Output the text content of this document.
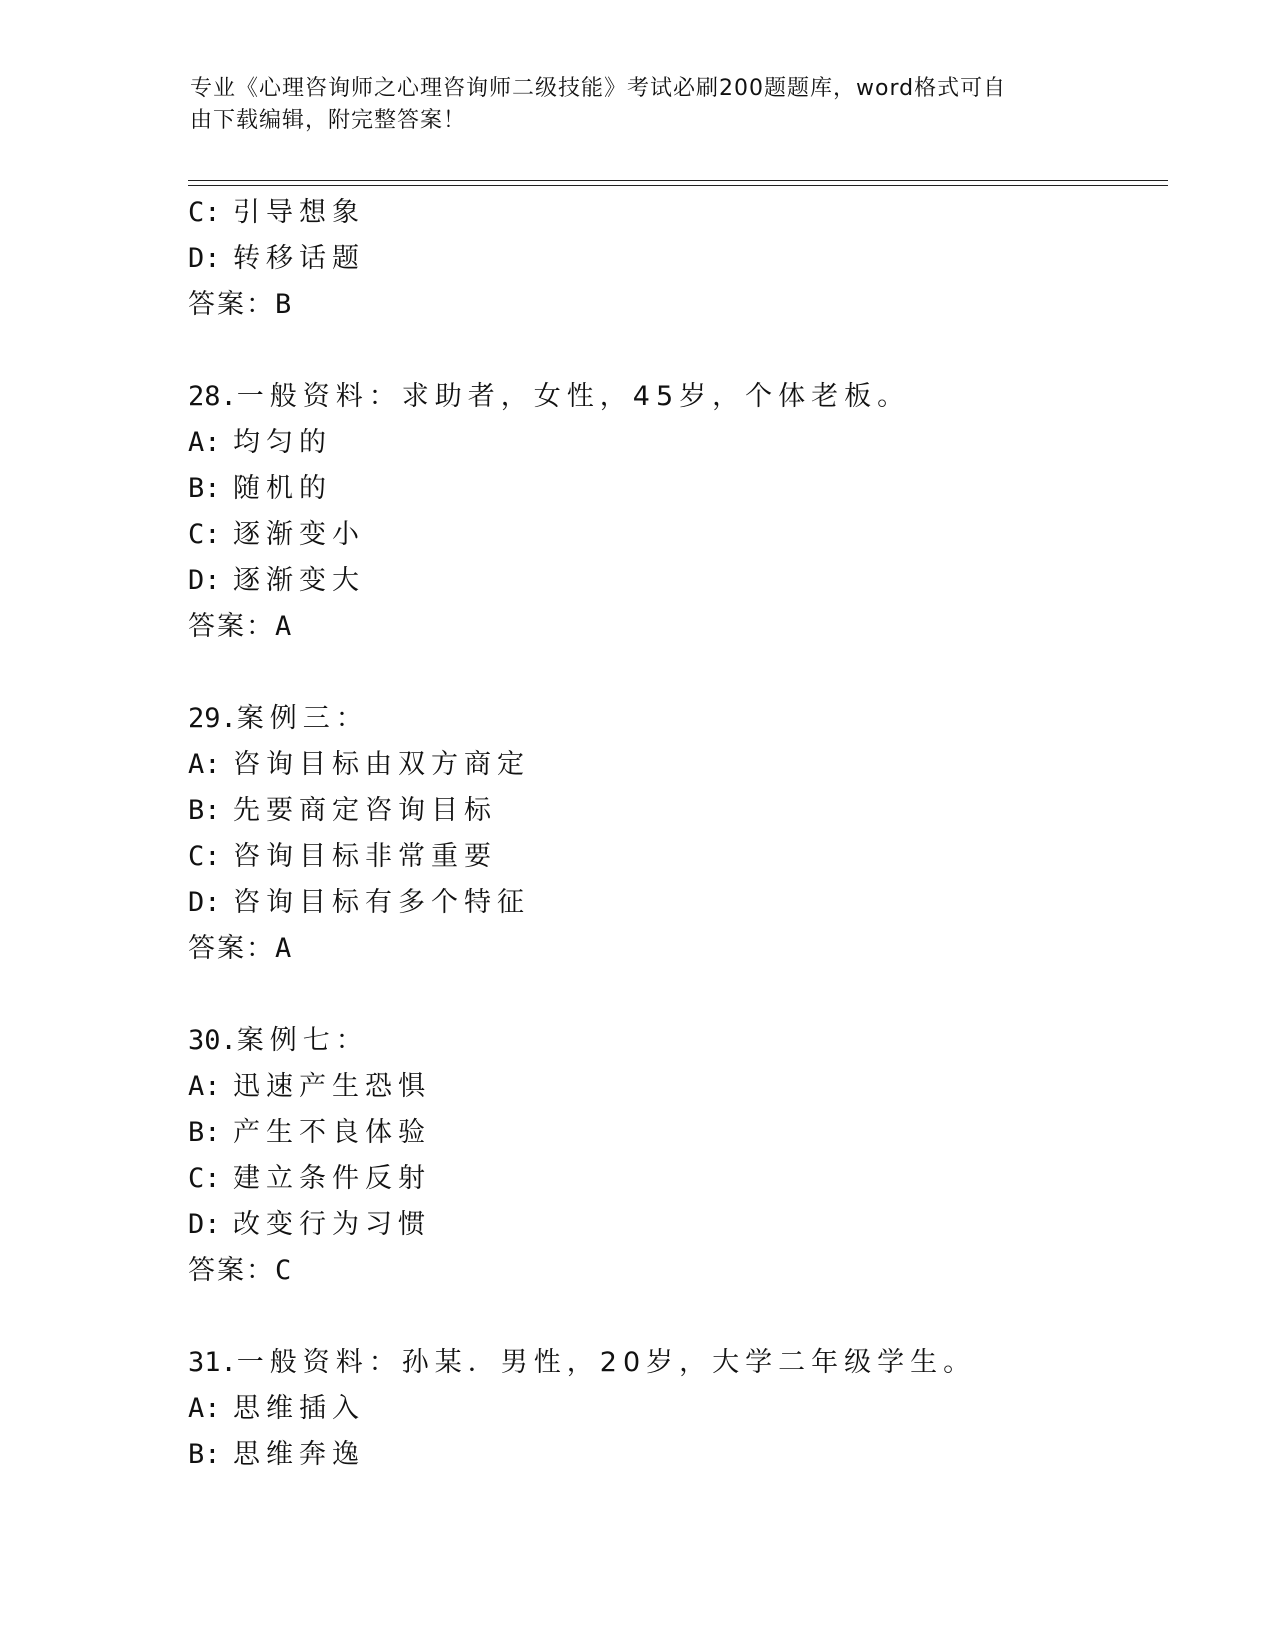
专业《心理咨询师之心理咨询师二级技能》考试必刷200题题库，word格式可自
由下载编辑，附完整答案！
C: 引导想象
D: 转移话题
答案：B
28.一般资料：求助者，女性，45岁，个体老板。
A: 均匀的
B: 随机的
C: 逐渐变小
D: 逐渐变大
答案：A
29.案例三：
A: 咨询目标由双方商定
B: 先要商定咨询目标
C: 咨询目标非常重要
D: 咨询目标有多个特征
答案：A
30.案例七：
A: 迅速产生恐惧
B: 产生不良体验
C: 建立条件反射
D: 改变行为习惯
答案：C
31.一般资料：孙某．男性，20岁，大学二年级学生。
A: 思维插入
B: 思维奔逸
